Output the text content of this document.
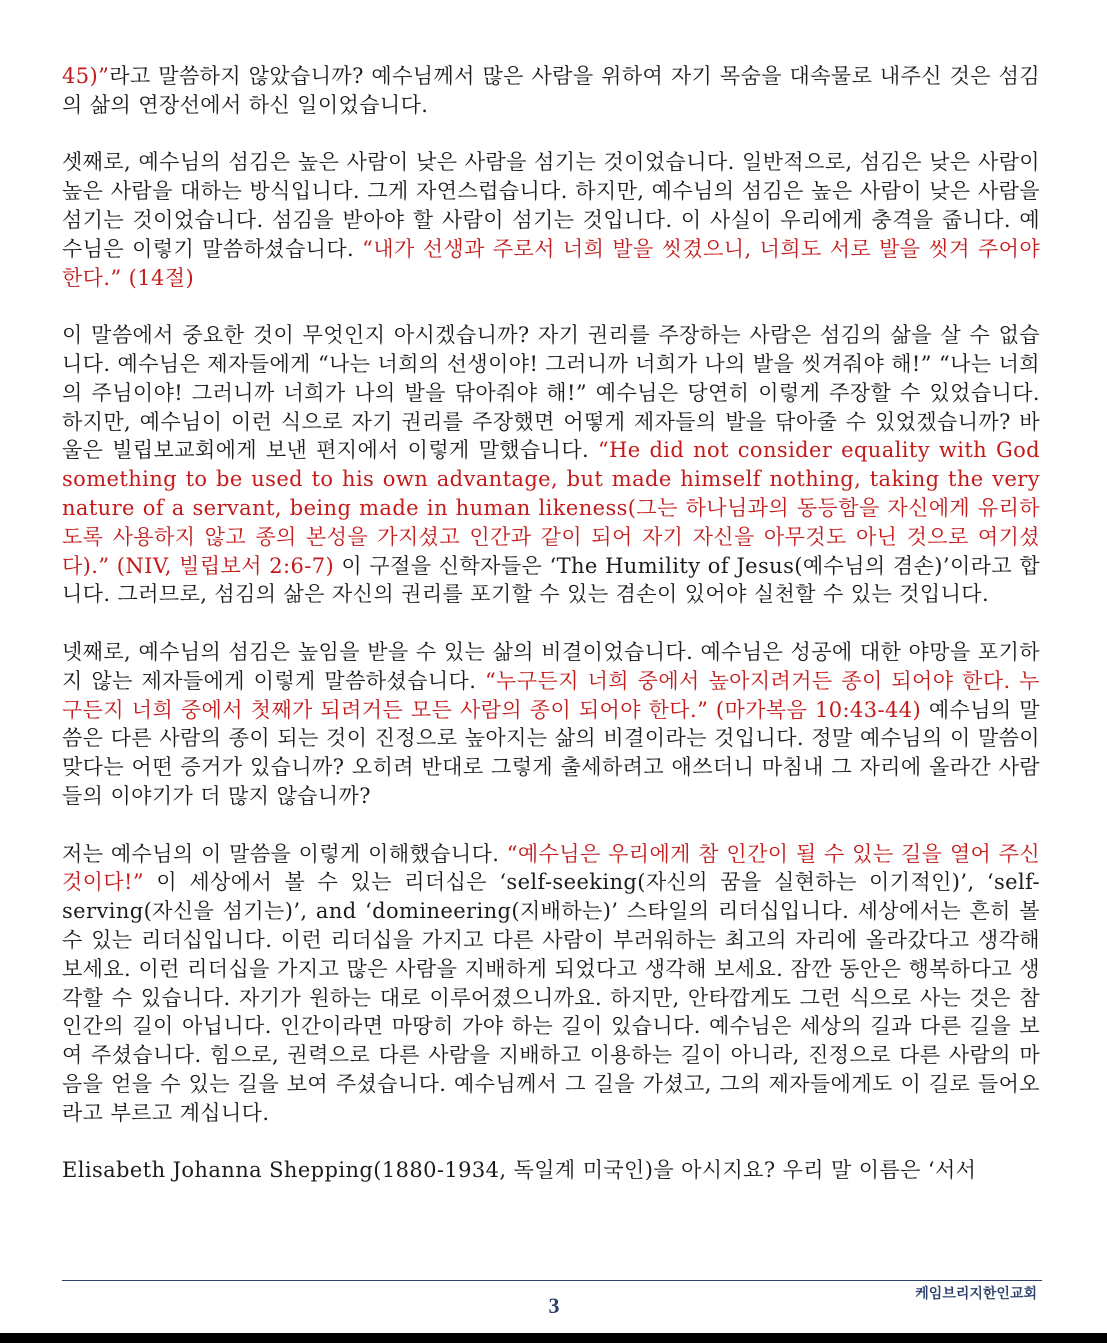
45)”라고 말씀하지 않았습니까? 예수님께서 많은 사람을 위하여 자기 목숨을 대속물로 내주신 것은 섬김의 삶의 연장선에서 하신 일이었습니다.

셋째로, 예수님의 섬김은 높은 사람이 낮은 사람을 섬기는 것이었습니다. 일반적으로, 섬김은 낮은 사람이 높은 사람을 대하는 방식입니다. 그게 자연스럽습니다. 하지만, 예수님의 섬김은 높은 사람이 낮은 사람을 섬기는 것이었습니다. 섬김을 받아야 할 사람이 섬기는 것입니다. 이 사실이 우리에게 충격을 줍니다. 예수님은 이렇기 말씀하셨습니다. “내가 선생과 주로서 너희 발을 씻겼으니, 너희도 서로 발을 씻겨 주어야 한다.” (14절)

이 말씀에서 중요한 것이 무엇인지 아시겠습니까? 자기 권리를 주장하는 사람은 섬김의 삶을 살 수 없습니다. 예수님은 제자들에게 “나는 너희의 선생이야! 그러니까 너희가 나의 발을 씻겨줘야 해!” “나는 너희의 주님이야! 그러니까 너희가 나의 발을 닦아줘야 해!” 예수님은 당연히 이렇게 주장할 수 있었습니다. 하지만, 예수님이 이런 식으로 자기 권리를 주장했면 어떻게 제자들의 발을 닦아줄 수 있었겠습니까? 바울은 빌립보교회에게 보낸 편지에서 이렇게 말했습니다. “He did not consider equality with God something to be used to his own advantage, but made himself nothing, taking the very nature of a servant, being made in human likeness(그는 하나님과의 동등함을 자신에게 유리하도록 사용하지 않고 종의 본성을 가지셨고 인간과 같이 되어 자기 자신을 아무것도 아닌 것으로 여기셨다).” (NIV, 빌립보서 2:6-7) 이 구절을 신학자들은 ‘The Humility of Jesus(예수님의 겸손)’이라고 합니다. 그러므로, 섬김의 삶은 자신의 권리를 포기할 수 있는 겸손이 있어야 실천할 수 있는 것입니다.

넷째로, 예수님의 섬김은 높임을 받을 수 있는 삶의 비결이었습니다. 예수님은 성공에 대한 야망을 포기하지 않는 제자들에게 이렇게 말씀하셨습니다. “누구든지 너희 중에서 높아지려거든 종이 되어야 한다. 누구든지 너희 중에서 첫째가 되려거든 모든 사람의 종이 되어야 한다.” (마가복음 10:43-44) 예수님의 말씀은 다른 사람의 종이 되는 것이 진정으로 높아지는 삶의 비결이라는 것입니다. 정말 예수님의 이 말씀이 맞다는 어떤 증거가 있습니까? 오히려 반대로 그렇게 출세하려고 애쓰더니 마침내 그 자리에 올라간 사람들의 이야기가 더 많지 않습니까?

저는 예수님의 이 말씀을 이렇게 이해했습니다. “예수님은 우리에게 참 인간이 될 수 있는 길을 열어 주신 것이다!” 이 세상에서 볼 수 있는 리더십은 ‘self-seeking(자신의 꿈을 실현하는 이기적인)’, ‘self-serving(자신을 섬기는)’, and ‘domineering(지배하는)’ 스타일의 리더십입니다. 세상에서는 흔히 볼 수 있는 리더십입니다. 이런 리더십을 가지고 다른 사람이 부러워하는 최고의 자리에 올라갔다고 생각해 보세요. 이런 리더십을 가지고 많은 사람을 지배하게 되었다고 생각해 보세요. 잠깐 동안은 행복하다고 생각할 수 있습니다. 자기가 원하는 대로 이루어졌으니까요. 하지만, 안타깝게도 그런 식으로 사는 것은 참 인간의 길이 아닙니다. 인간이라면 마땅히 가야 하는 길이 있습니다. 예수님은 세상의 길과 다른 길을 보여 주셨습니다. 힘으로, 권력으로 다른 사람을 지배하고 이용하는 길이 아니라, 진정으로 다른 사람의 마음을 얻을 수 있는 길을 보여 주셨습니다. 예수님께서 그 길을 가셨고, 그의 제자들에게도 이 길로 들어오라고 부르고 계십니다.

Elisabeth Johanna Shepping(1880-1934, 독일계 미국인)을 아시지요? 우리 말 이름은 ‘서서

3	케임브리지한인교회
